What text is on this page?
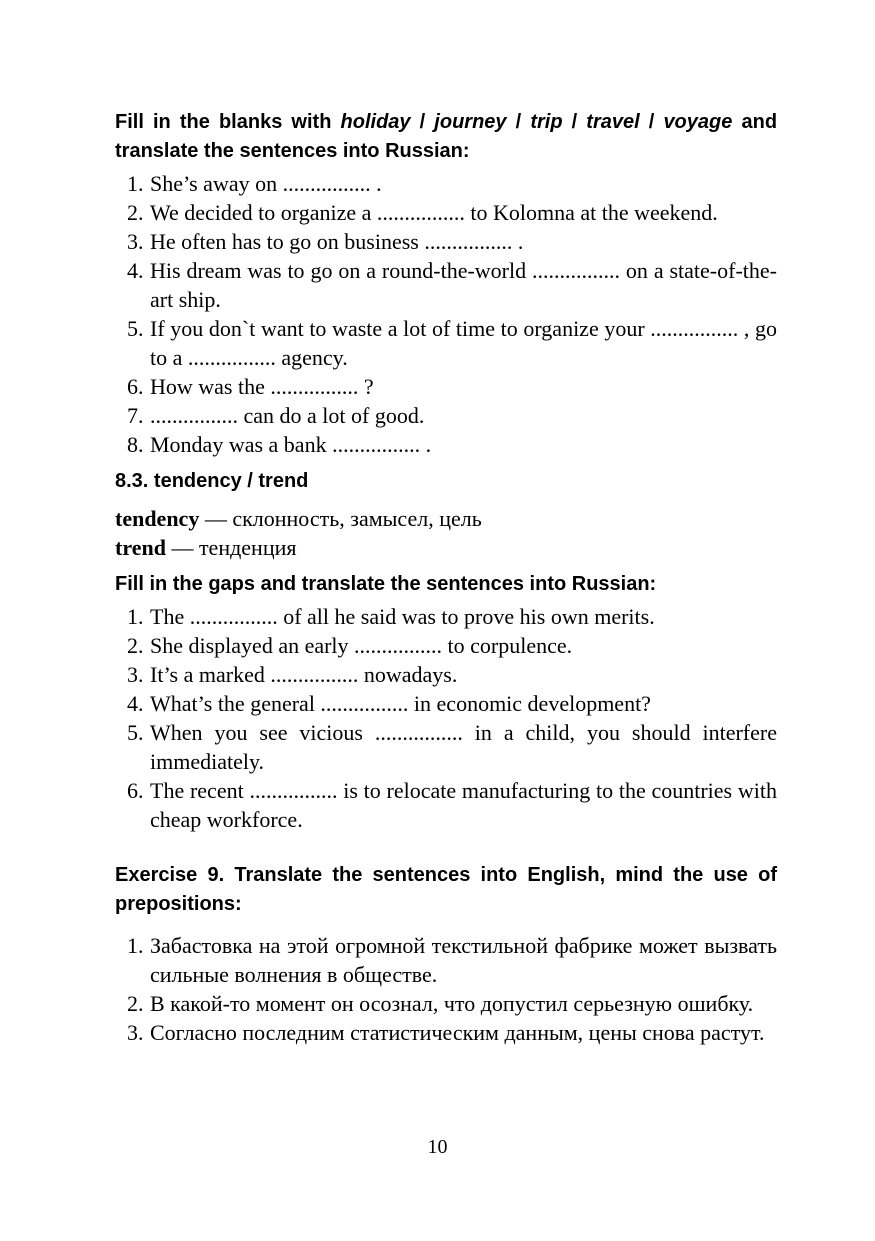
Fill in the blanks with holiday / journey / trip / travel / voyage and translate the sentences into Russian:

1. She’s away on ................ .
2. We decided to organize a ................ to Kolomna at the weekend.
3. He often has to go on business ................ .
4. His dream was to go on a round-the-world ................ on a state-of-the-art ship.
5. If you don`t want to waste a lot of time to organize your ................ , go to a ................ agency.
6. How was the ................ ?
7. ................ can do a lot of good.
8. Monday was a bank ................ .

8.3. tendency / trend

tendency — склонность, замысел, цель
trend — тенденция

Fill in the gaps and translate the sentences into Russian:

1. The ................ of all he said was to prove his own merits.
2. She displayed an early ................ to corpulence.
3. It’s a marked ................ nowadays.
4. What’s the general ................ in economic development?
5. When you see vicious ................ in a child, you should interfere immediately.
6. The recent ................ is to relocate manufacturing to the countries with cheap workforce.

Exercise 9. Translate the sentences into English, mind the use of prepositions:

1. Забастовка на этой огромной текстильной фабрике может вызвать сильные волнения в обществе.
2. В какой-то момент он осознал, что допустил серьезную ошибку.
3. Согласно последним статистическим данным, цены снова растут.
10
